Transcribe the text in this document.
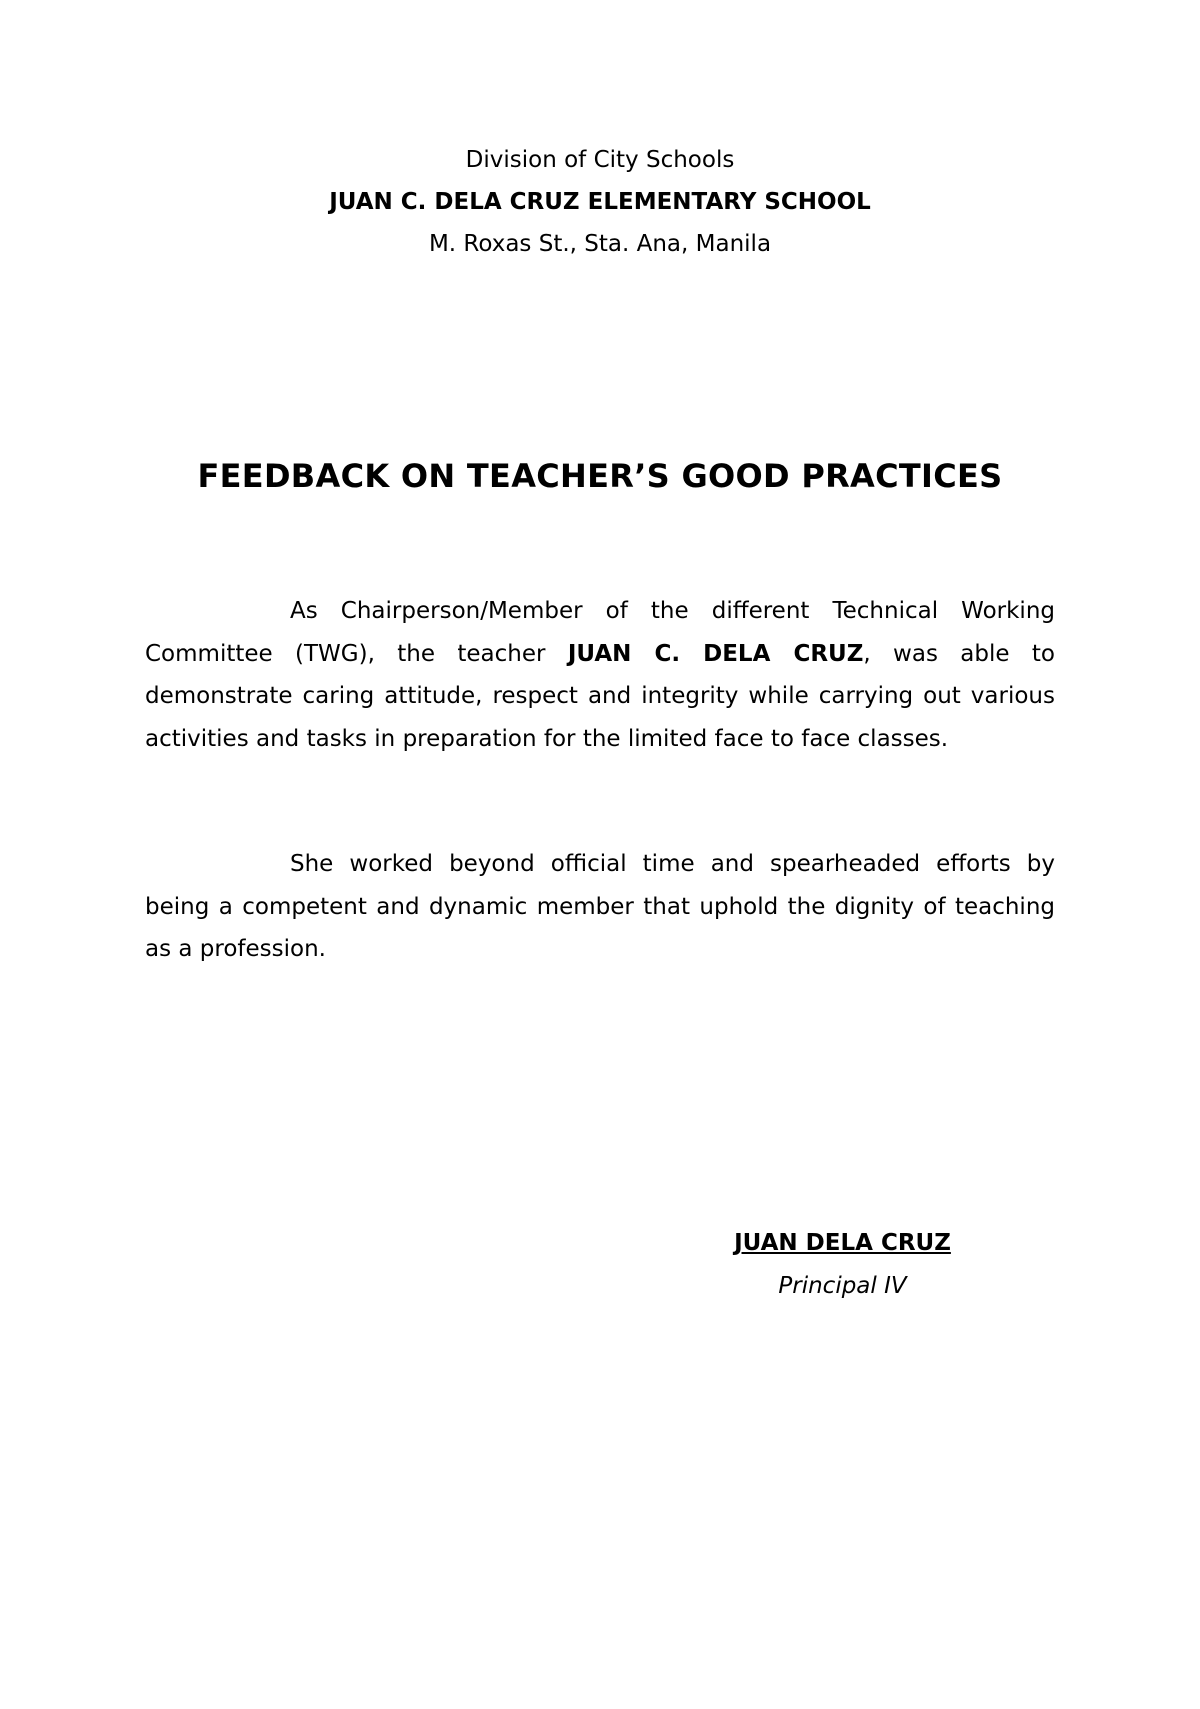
Division of City Schools
JUAN C. DELA CRUZ ELEMENTARY SCHOOL
M. Roxas St., Sta. Ana, Manila
FEEDBACK ON TEACHER’S GOOD PRACTICES

As Chairperson/Member of the different Technical Working Committee (TWG), the teacher JUAN C. DELA CRUZ, was able to demonstrate caring attitude, respect and integrity while carrying out various activities and tasks in preparation for the limited face to face classes.

She worked beyond official time and spearheaded efforts by being a competent and dynamic member that uphold the dignity of teaching as a profession.

JUAN DELA CRUZ
Principal IV
